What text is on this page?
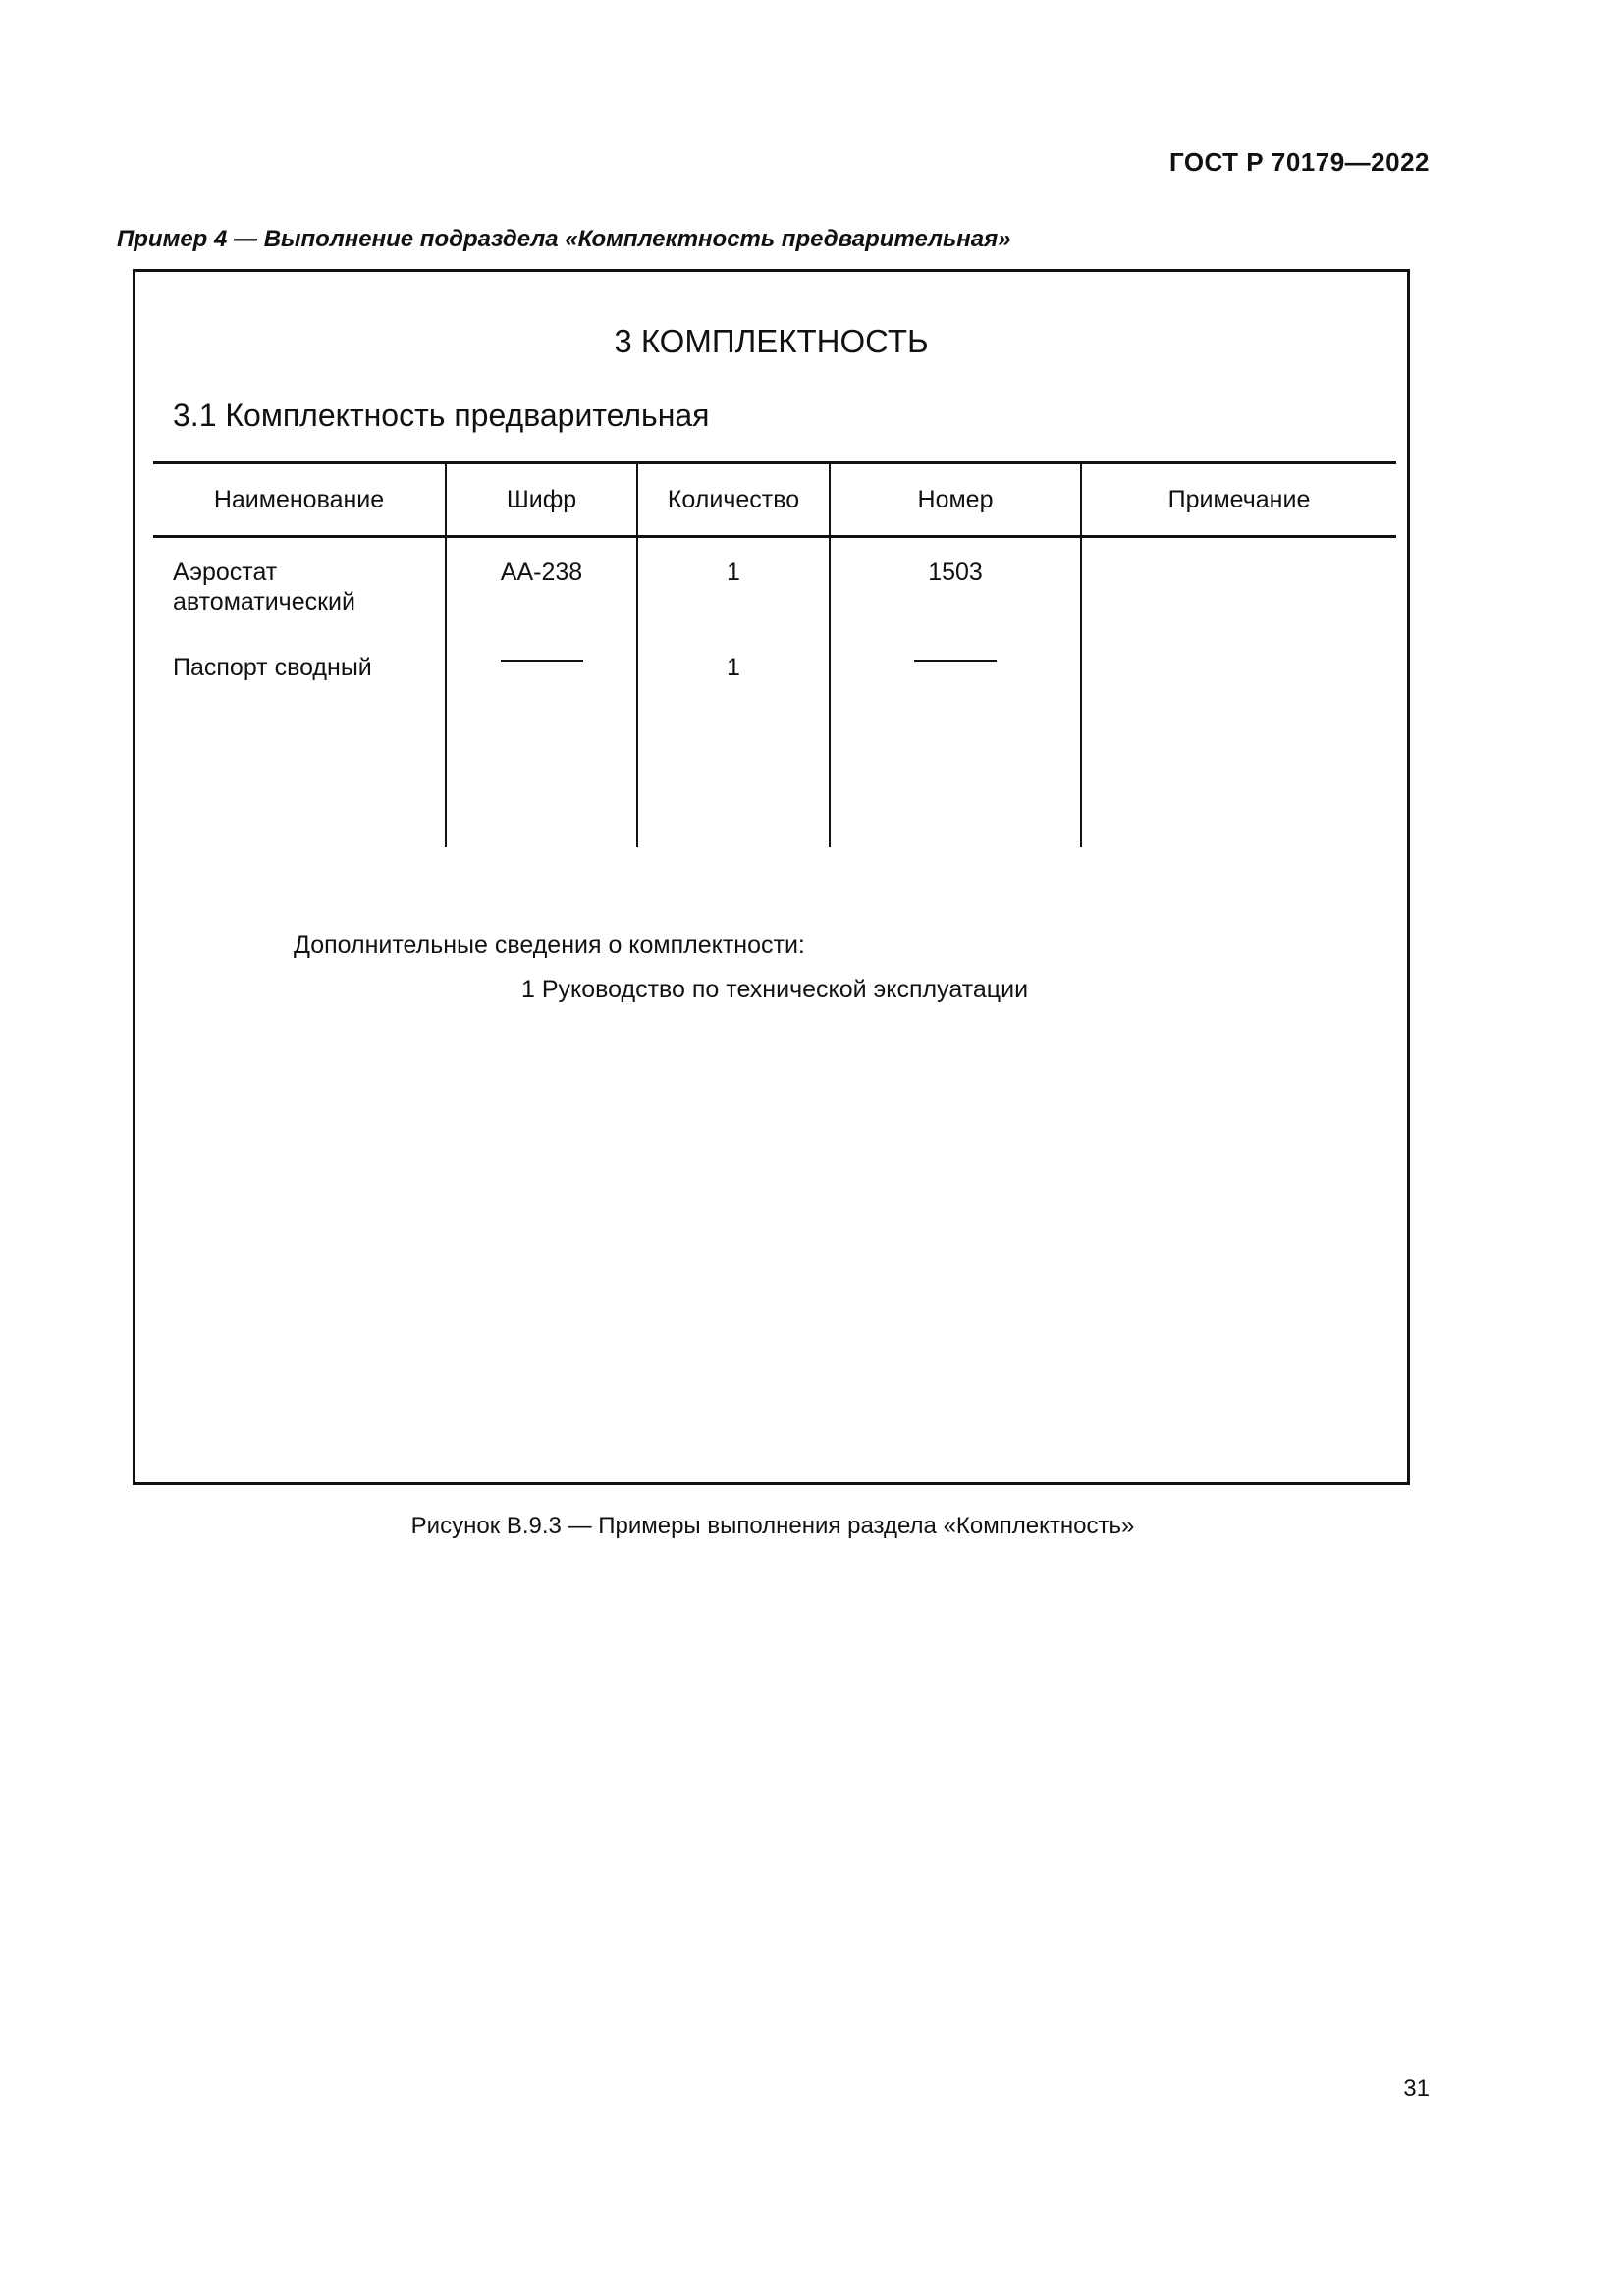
ГОСТ Р 70179—2022
Пример 4 — Выполнение подраздела «Комплектность предварительная»
3 КОМПЛЕКТНОСТЬ
3.1 Комплектность предварительная
Наименование	Шифр	Количество	Номер	Примечание
Аэростат автоматический	АА-238	1	1503	
Паспорт сводный		1		

Дополнительные сведения о комплектности:
1 Руководство по технической эксплуатации
Рисунок В.9.3 — Примеры выполнения раздела «Комплектность»
31
